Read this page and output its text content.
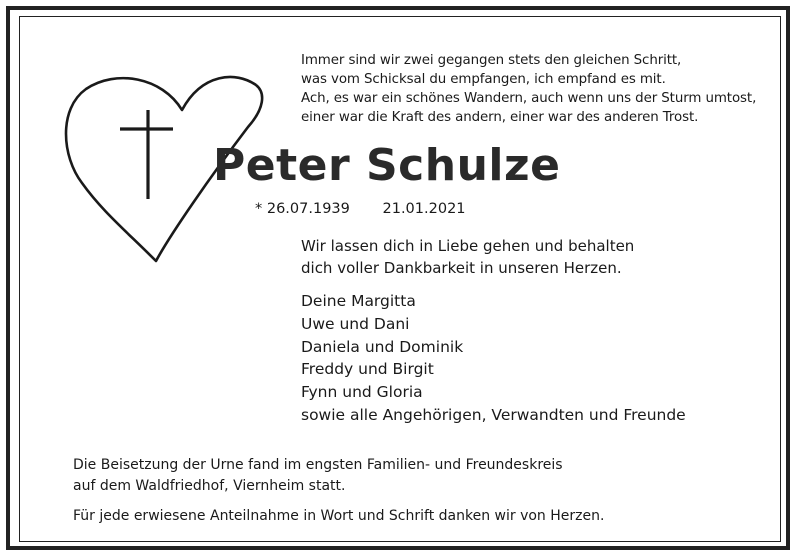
Immer sind wir zwei gegangen stets den gleichen Schritt,
was vom Schicksal du empfangen, ich empfand es mit.
Ach, es war ein schönes Wandern, auch wenn uns der Sturm umtost,
einer war die Kraft des andern, einer war des anderen Trost.
Peter Schulze
* 26.07.1939 21.01.2021
Wir lassen dich in Liebe gehen und behalten
dich voller Dankbarkeit in unseren Herzen.
Deine Margitta
Uwe und Dani
Daniela und Dominik
Freddy und Birgit
Fynn und Gloria
sowie alle Angehörigen, Verwandten und Freunde
Die Beisetzung der Urne fand im engsten Familien- und Freundeskreis
auf dem Waldfriedhof, Viernheim statt.
Für jede erwiesene Anteilnahme in Wort und Schrift danken wir von Herzen.
